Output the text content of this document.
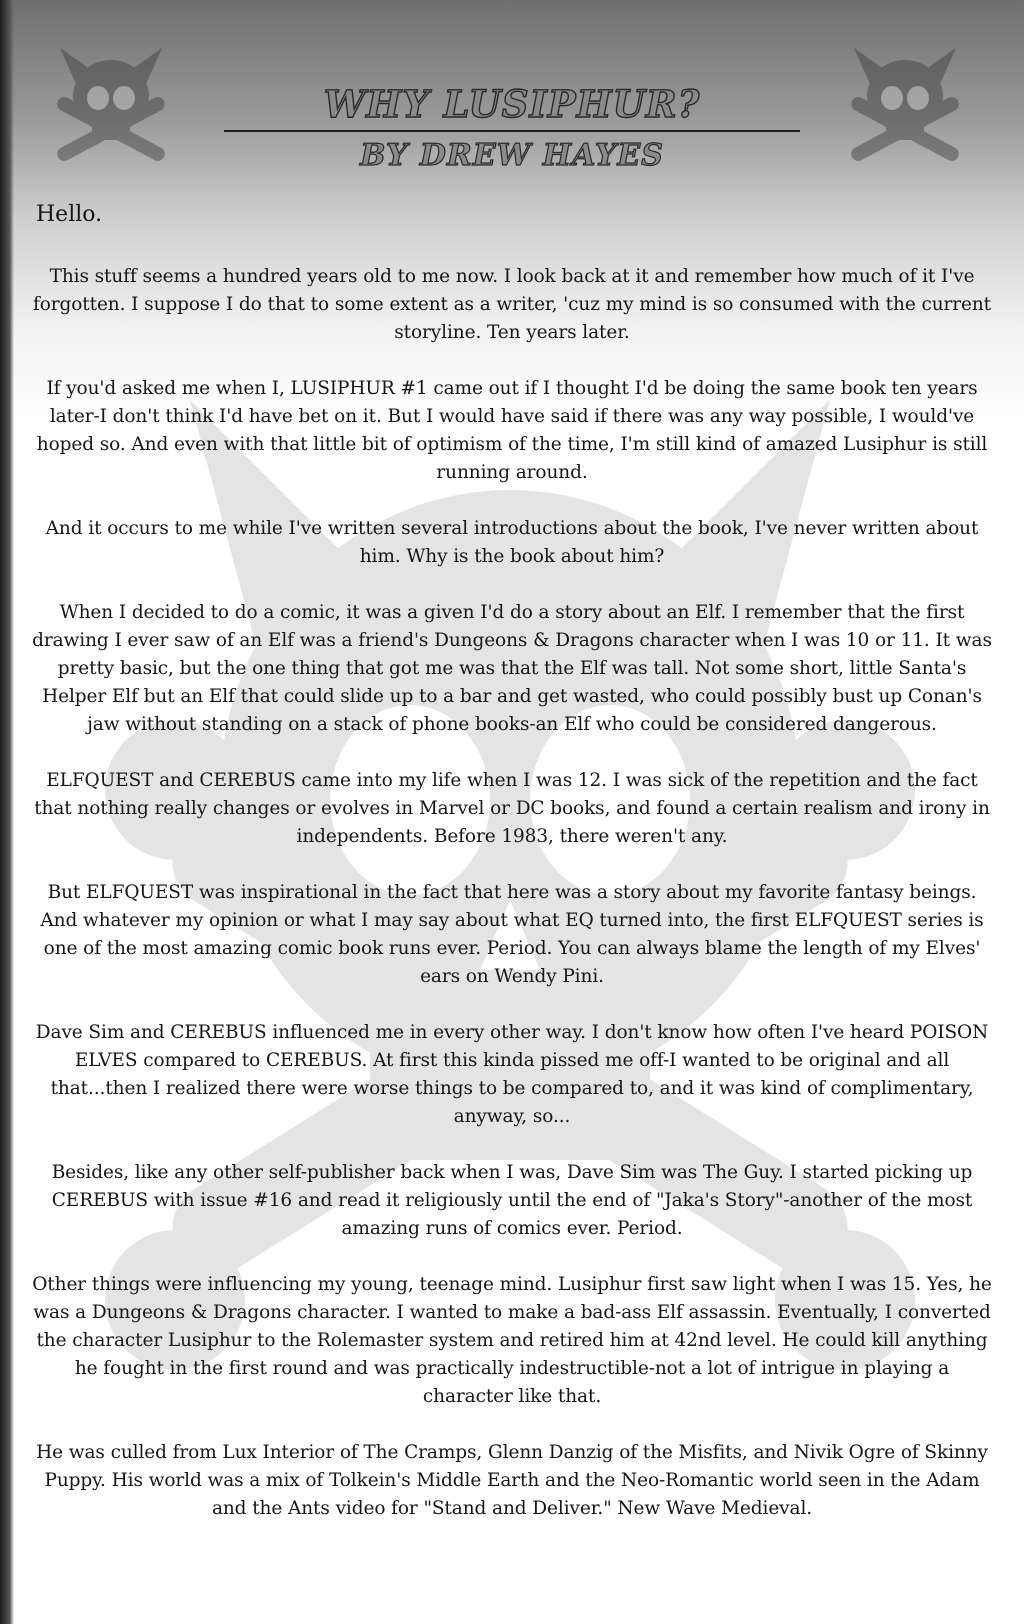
WHY LUSIPHUR?
BY DREW HAYES

Hello.

This stuff seems a hundred years old to me now. I look back at it and remember how much of it I've forgotten. I suppose I do that to some extent as a writer, 'cuz my mind is so consumed with the current storyline. Ten years later.

If you'd asked me when I, LUSIPHUR #1 came out if I thought I'd be doing the same book ten years later-I don't think I'd have bet on it. But I would have said if there was any way possible, I would've hoped so. And even with that little bit of optimism of the time, I'm still kind of amazed Lusiphur is still running around.

And it occurs to me while I've written several introductions about the book, I've never written about him. Why is the book about him?

When I decided to do a comic, it was a given I'd do a story about an Elf. I remember that the first drawing I ever saw of an Elf was a friend's Dungeons & Dragons character when I was 10 or 11. It was pretty basic, but the one thing that got me was that the Elf was tall. Not some short, little Santa's Helper Elf but an Elf that could slide up to a bar and get wasted, who could possibly bust up Conan's jaw without standing on a stack of phone books-an Elf who could be considered dangerous.

ELFQUEST and CEREBUS came into my life when I was 12. I was sick of the repetition and the fact that nothing really changes or evolves in Marvel or DC books, and found a certain realism and irony in independents. Before 1983, there weren't any.

But ELFQUEST was inspirational in the fact that here was a story about my favorite fantasy beings. And whatever my opinion or what I may say about what EQ turned into, the first ELFQUEST series is one of the most amazing comic book runs ever. Period. You can always blame the length of my Elves' ears on Wendy Pini.

Dave Sim and CEREBUS influenced me in every other way. I don't know how often I've heard POISON ELVES compared to CEREBUS. At first this kinda pissed me off-I wanted to be original and all that...then I realized there were worse things to be compared to, and it was kind of complimentary, anyway, so...

Besides, like any other self-publisher back when I was, Dave Sim was The Guy. I started picking up CEREBUS with issue #16 and read it religiously until the end of "Jaka's Story"-another of the most amazing runs of comics ever. Period.

Other things were influencing my young, teenage mind. Lusiphur first saw light when I was 15. Yes, he was a Dungeons & Dragons character. I wanted to make a bad-ass Elf assassin. Eventually, I converted the character Lusiphur to the Rolemaster system and retired him at 42nd level. He could kill anything he fought in the first round and was practically indestructible-not a lot of intrigue in playing a character like that.

He was culled from Lux Interior of The Cramps, Glenn Danzig of the Misfits, and Nivik Ogre of Skinny Puppy. His world was a mix of Tolkein's Middle Earth and the Neo-Romantic world seen in the Adam and the Ants video for "Stand and Deliver." New Wave Medieval.
